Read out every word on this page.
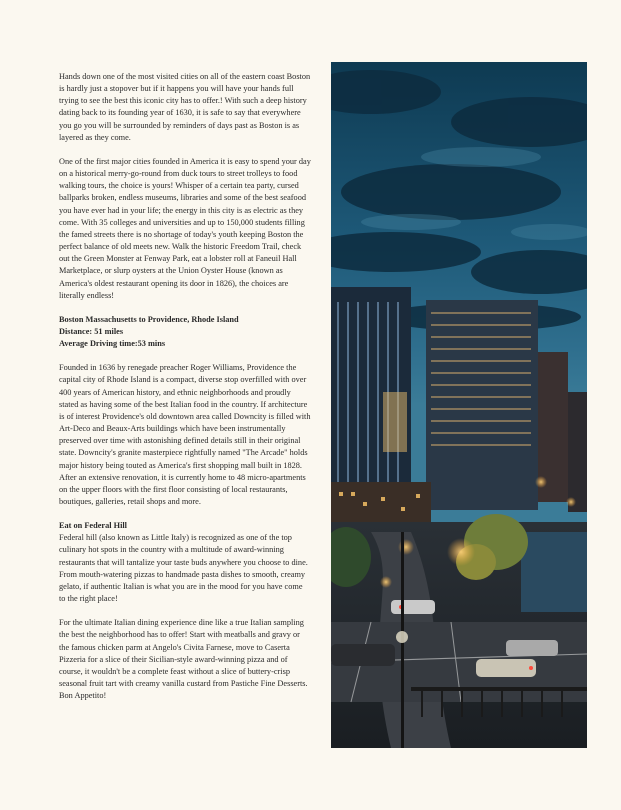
Hands down one of the most visited cities on all of the eastern coast Boston is hardly just a stopover but if it happens you will have your hands full trying to see the best this iconic city has to offer.! With such a deep history dating back to its founding year of 1630, it is safe to say that everywhere you go you will be surrounded by reminders of days past as Boston is as layered as they come.

One of the first major cities founded in America it is easy to spend your day on a historical merry-go-round from duck tours to street trolleys to food walking tours, the choice is yours! Whisper of a certain tea party, cursed ballparks broken, endless museums, libraries and some of the best seafood you have ever had in your life; the energy in this city is as electric as they come. With 35 colleges and universities and up to 150,000 students filling the famed streets there is no shortage of today's youth keeping Boston the perfect balance of old meets new. Walk the historic Freedom Trail, check out the Green Monster at Fenway Park, eat a lobster roll at Faneuil Hall Marketplace, or slurp oysters at the Union Oyster House (known as America's oldest restaurant opening its door in 1826), the choices are literally endless!

Boston Massachusetts to Providence, Rhode Island
Distance: 51 miles
Average Driving time:53 mins

Founded in 1636 by renegade preacher Roger Williams, Providence the capital city of Rhode Island is a compact, diverse stop overfilled with over 400 years of American history, and ethnic neighborhoods and proudly stated as having some of the best Italian food in the country. If architecture is of interest Providence's old downtown area called Downcity is filled with Art-Deco and Beaux-Arts buildings which have been instrumentally preserved over time with astonishing defined details still in their original state. Downcity's granite masterpiece rightfully named "The Arcade" holds major history being touted as America's first shopping mall built in 1828. After an extensive renovation, it is currently home to 48 micro-apartments on the upper floors with the first floor consisting of local restaurants, boutiques, galleries, retail shops and more.

Eat on Federal Hill

Federal hill (also known as Little Italy) is recognized as one of the top culinary hot spots in the country with a multitude of award-winning restaurants that will tantalize your taste buds anywhere you choose to dine. From mouth-watering pizzas to handmade pasta dishes to smooth, creamy gelato, if authentic Italian is what you are in the mood for you have come to the right place!

For the ultimate Italian dining experience dine like a true Italian sampling the best the neighborhood has to offer! Start with meatballs and gravy or the famous chicken parm at Angelo's Civita Farnese, move to Caserta Pizzeria for a slice of their Sicilian-style award-winning pizza and of course, it wouldn't be a complete feast without a slice of buttery-crisp seasonal fruit tart with creamy vanilla custard from Pastiche Fine Desserts. Bon Appetito!
